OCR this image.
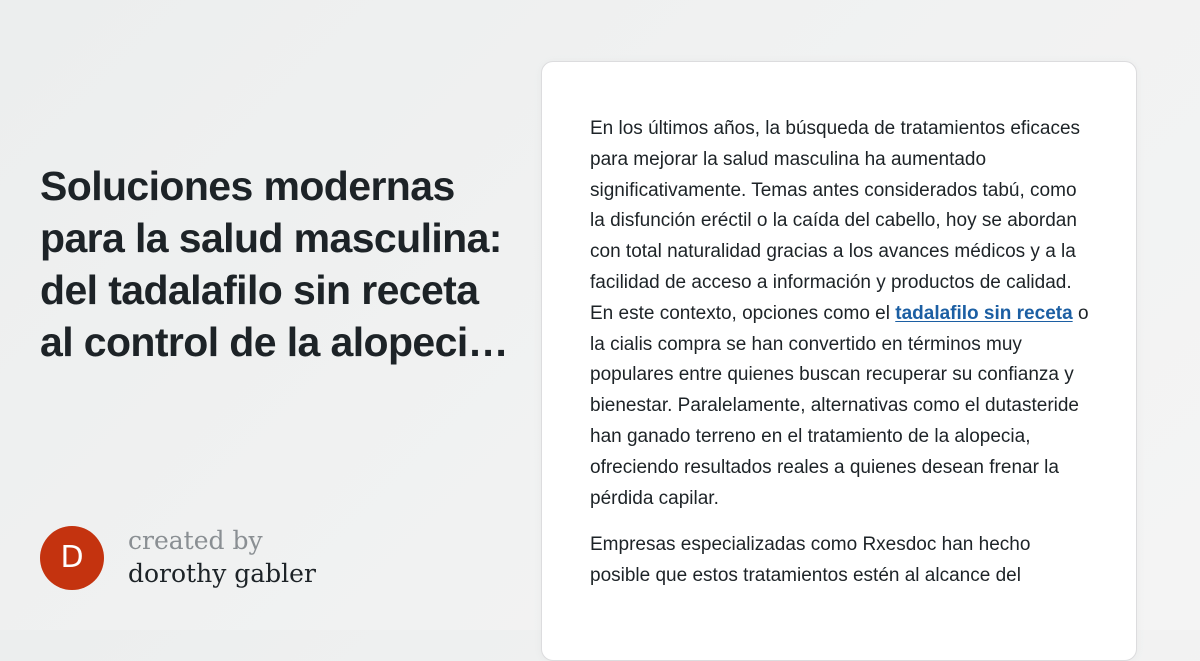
Soluciones modernas para la salud masculina: del tadalafilo sin receta al control de la alopeci…
D	created by
dorothy gabler

En los últimos años, la búsqueda de tratamientos eficaces para mejorar la salud masculina ha aumentado significativamente. Temas antes considerados tabú, como la disfunción eréctil o la caída del cabello, hoy se abordan con total naturalidad gracias a los avances médicos y a la facilidad de acceso a información y productos de calidad. En este contexto, opciones como el tadalafilo sin receta o la cialis compra se han convertido en términos muy populares entre quienes buscan recuperar su confianza y bienestar. Paralelamente, alternativas como el dutasteride han ganado terreno en el tratamiento de la alopecia, ofreciendo resultados reales a quienes desean frenar la pérdida capilar.

Empresas especializadas como Rxesdoc han hecho posible que estos tratamientos estén al alcance del
